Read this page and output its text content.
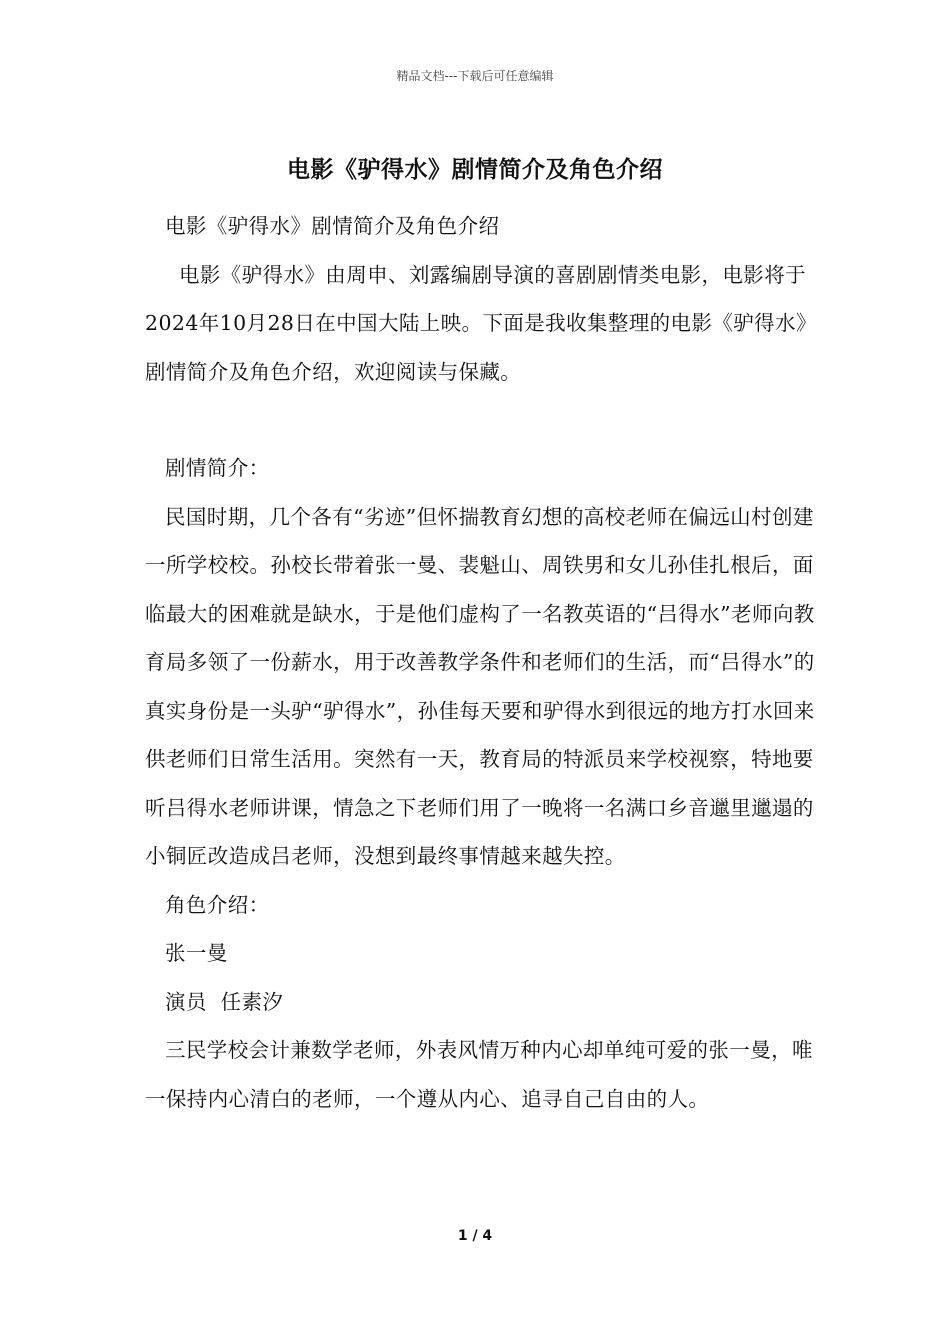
精品文档---下载后可任意编辑
电影《驴得水》剧情简介及角色介绍

电影《驴得水》剧情简介及角色介绍

电影《驴得水》由周申、刘露编剧导演的喜剧剧情类电影，电影将于2024年10月28日在中国大陆上映。下面是我收集整理的电影《驴得水》剧情简介及角色介绍，欢迎阅读与保藏。

剧情简介：

民国时期，几个各有“劣迹”但怀揣教育幻想的高校老师在偏远山村创建一所学校校。孙校长带着张一曼、裴魁山、周铁男和女儿孙佳扎根后，面临最大的困难就是缺水，于是他们虚构了一名教英语的“吕得水”老师向教育局多领了一份薪水，用于改善教学条件和老师们的生活，而“吕得水”的真实身份是一头驴“驴得水”，孙佳每天要和驴得水到很远的地方打水回来供老师们日常生活用。突然有一天，教育局的特派员来学校视察，特地要听吕得水老师讲课，情急之下老师们用了一晚将一名满口乡音邋里邋遢的小铜匠改造成吕老师，没想到最终事情越来越失控。

角色介绍：

张一曼

演员  任素汐

三民学校会计兼数学老师，外表风情万种内心却单纯可爱的张一曼，唯一保持内心清白的老师，一个遵从内心、追寻自己自由的人。

1 / 4
